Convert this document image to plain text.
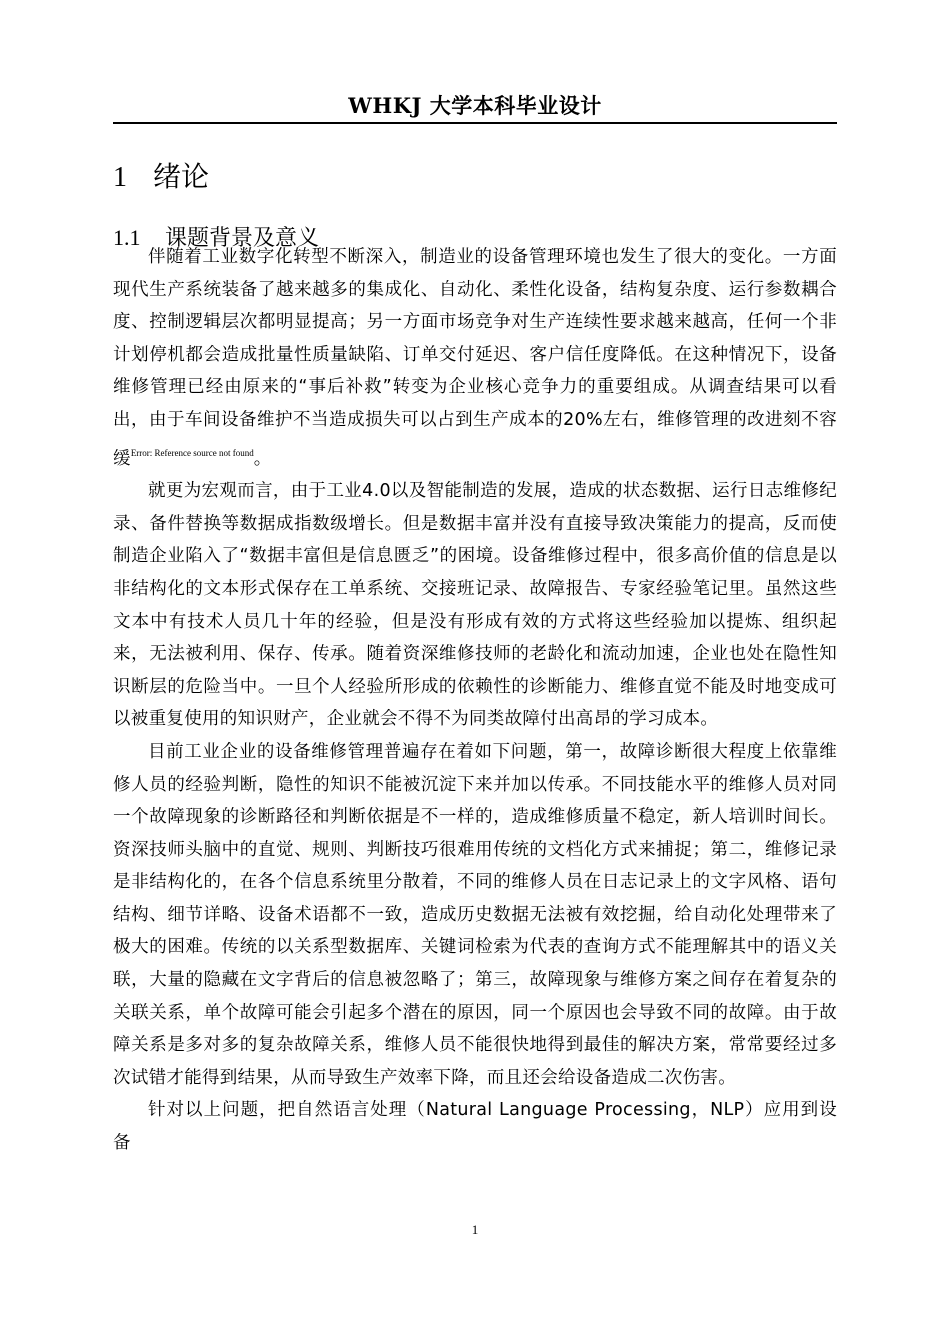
WHKJ 大学本科毕业设计
1 绪论
1.1 课题背景及意义

伴随着工业数字化转型不断深入，制造业的设备管理环境也发生了很大的变化。一方面现代生产系统装备了越来越多的集成化、自动化、柔性化设备，结构复杂度、运行参数耦合度、控制逻辑层次都明显提高；另一方面市场竞争对生产连续性要求越来越高，任何一个非计划停机都会造成批量性质量缺陷、订单交付延迟、客户信任度降低。在这种情况下，设备维修管理已经由原来的“事后补救”转变为企业核心竞争力的重要组成。从调查结果可以看出，由于车间设备维护不当造成损失可以占到生产成本的20%左右，维修管理的改进刻不容缓$^{Error: Reference source not found}$。

就更为宏观而言，由于工业4.0以及智能制造的发展，造成的状态数据、运行日志维修纪录、备件替换等数据成指数级增长。但是数据丰富并没有直接导致决策能力的提高，反而使制造企业陷入了“数据丰富但是信息匮乏”的困境。设备维修过程中，很多高价值的信息是以非结构化的文本形式保存在工单系统、交接班记录、故障报告、专家经验笔记里。虽然这些文本中有技术人员几十年的经验，但是没有形成有效的方式将这些经验加以提炼、组织起来，无法被利用、保存、传承。随着资深维修技师的老龄化和流动加速，企业也处在隐性知识断层的危险当中。一旦个人经验所形成的依赖性的诊断能力、维修直觉不能及时地变成可以被重复使用的知识财产，企业就会不得不为同类故障付出高昂的学习成本。

目前工业企业的设备维修管理普遍存在着如下问题，第一，故障诊断很大程度上依靠维修人员的经验判断，隐性的知识不能被沉淀下来并加以传承。不同技能水平的维修人员对同一个故障现象的诊断路径和判断依据是不一样的，造成维修质量不稳定，新人培训时间长。资深技师头脑中的直觉、规则、判断技巧很难用传统的文档化方式来捕捉；第二，维修记录是非结构化的，在各个信息系统里分散着，不同的维修人员在日志记录上的文字风格、语句结构、细节详略、设备术语都不一致，造成历史数据无法被有效挖掘，给自动化处理带来了极大的困难。传统的以关系型数据库、关键词检索为代表的查询方式不能理解其中的语义关联，大量的隐藏在文字背后的信息被忽略了；第三，故障现象与维修方案之间存在着复杂的关联关系，单个故障可能会引起多个潜在的原因，同一个原因也会导致不同的故障。由于故障关系是多对多的复杂故障关系，维修人员不能很快地得到最佳的解决方案，常常要经过多次试错才能得到结果，从而导致生产效率下降，而且还会给设备造成二次伤害。

针对以上问题，把自然语言处理（Natural Language Processing，NLP）应用到设备

1
